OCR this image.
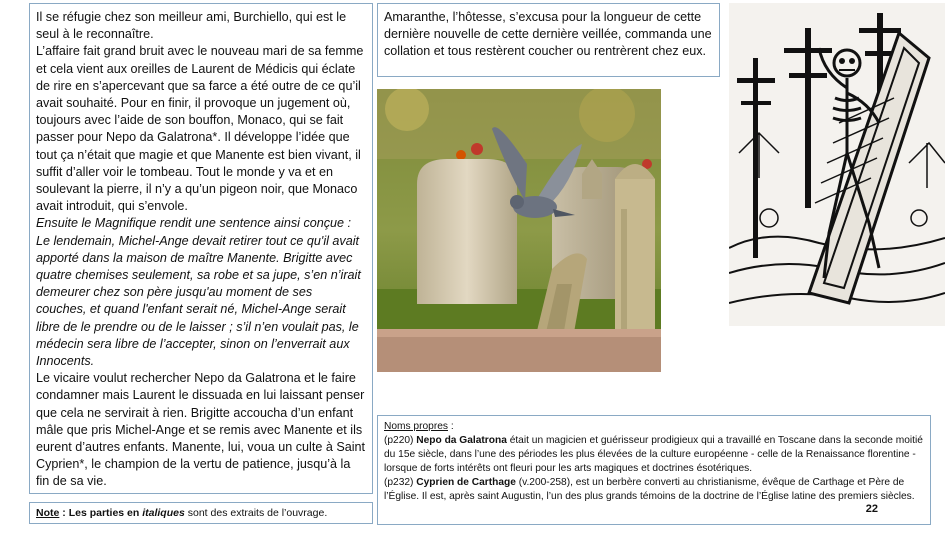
Il se réfugie chez son meilleur ami, Burchiello, qui est le seul à le reconnaître.

L’affaire fait grand bruit avec le nouveau mari de sa femme et cela vient aux oreilles de Laurent de Médicis qui éclate de rire en s’apercevant que sa farce a été outre de ce qu’il avait souhaité. Pour en finir, il provoque un jugement où, toujours avec l’aide de son bouffon, Monaco, qui se fait passer pour Nepo da Galatrona*. Il développe l’idée que tout ça n’était que magie et que Manente est bien vivant, il suffit d’aller voir le tombeau. Tout le monde y va et en soulevant la pierre, il n’y a qu’un pigeon noir, que Monaco avait introduit, qui s’envole.

Ensuite le Magnifique rendit une sentence ainsi conçue : Le lendemain, Michel-Ange devait retirer tout ce qu'il avait apporté dans la maison de maître Manente. Brigitte avec quatre chemises seulement, sa robe et sa jupe, s’en n’irait demeurer chez son père jusqu'au moment de ses couches, et quand l'enfant serait né, Michel-Ange serait libre de le prendre ou de le laisser ; s’il n’en voulait pas, le médecin sera libre de l’accepter, sinon on l’enverrait aux Innocents.

Le vicaire voulut rechercher Nepo da Galatrona et le faire condamner mais Laurent le dissuada en lui laissant penser que cela ne servirait à rien. Brigitte accoucha d’un enfant mâle que pris Michel-Ange et se remis avec Manente et ils eurent d’autres enfants. Manente, lui, voua un culte à Saint Cyprien*, le champion de la vertu de patience, jusqu’à la fin de sa vie.

Note : Les parties en italiques sont des extraits de l’ouvrage.

Amaranthe, l’hôtesse, s’excusa pour la longueur de cette dernière nouvelle de cette dernière veillée, commanda une collation et tous restèrent coucher ou rentrèrent chez eux.

Noms propres :
(p220) Nepo da Galatrona était un magicien et guérisseur prodigieux qui a travaillé en Toscane dans la seconde moitié du 15e siècle, dans l’une des périodes les plus élevées de la culture européenne - celle de la Renaissance florentine - lorsque de forts intérêts ont fleuri pour les arts magiques et doctrines ésotériques.
(p232) Cyprien de Carthage (v.200-258), est un berbère converti au christianisme, évêque de Carthage et Père de l’Église. Il est, après saint Augustin, l’un des plus grands témoins de la doctrine de l’Église latine des premiers siècles.
22
